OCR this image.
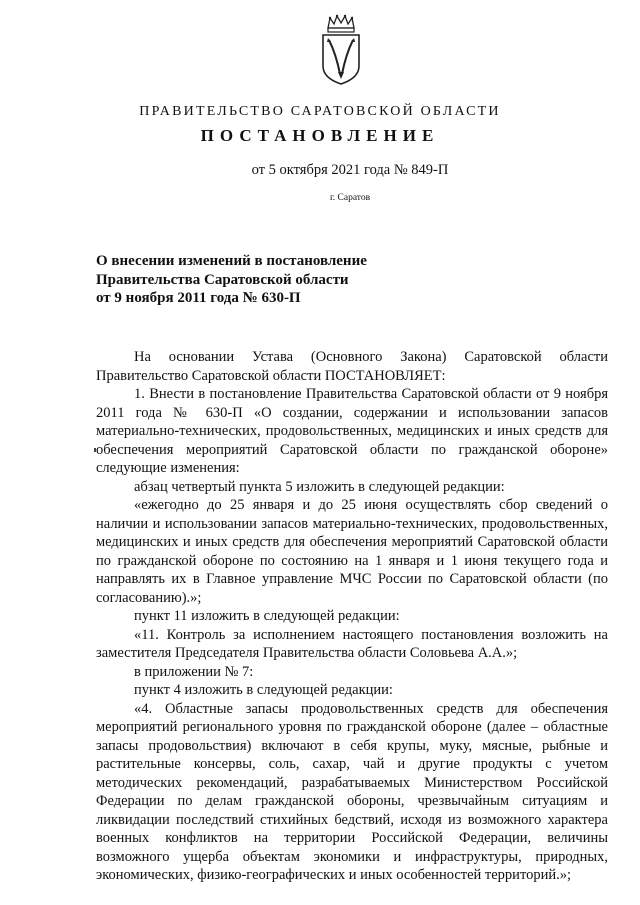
ПРАВИТЕЛЬСТВО САРАТОВСКОЙ ОБЛАСТИ
ПОСТАНОВЛЕНИЕ
от 5 октября 2021 года № 849-П
г. Саратов
О внесении изменений в постановление
Правительства Саратовской области
от 9 ноября 2011 года № 630-П

На основании Устава (Основного Закона) Саратовской области Правительство Саратовской области ПОСТАНОВЛЯЕТ:

1. Внести в постановление Правительства Саратовской области от 9 ноября 2011 года № 630-П «О создании, содержании и использовании запасов материально-технических, продовольственных, медицинских и иных средств для обеспечения мероприятий Саратовской области по гражданской обороне» следующие изменения:

абзац четвертый пункта 5 изложить в следующей редакции:

«ежегодно до 25 января и до 25 июня осуществлять сбор сведений о наличии и использовании запасов материально-технических, продовольственных, медицинских и иных средств для обеспечения мероприятий Саратовской области по гражданской обороне по состоянию на 1 января и 1 июня текущего года и направлять их в Главное управление МЧС России по Саратовской области (по согласованию).»;

пункт 11 изложить в следующей редакции:

«11. Контроль за исполнением настоящего постановления возложить на заместителя Председателя Правительства области Соловьева А.А.»;

в приложении № 7:

пункт 4 изложить в следующей редакции:

«4. Областные запасы продовольственных средств для обеспечения мероприятий регионального уровня по гражданской обороне (далее – областные запасы продовольствия) включают в себя крупы, муку, мясные, рыбные и растительные консервы, соль, сахар, чай и другие продукты с учетом методических рекомендаций, разрабатываемых Министерством Российской Федерации по делам гражданской обороны, чрезвычайным ситуациям и ликвидации последствий стихийных бедствий, исходя из возможного характера военных конфликтов на территории Российской Федерации, величины возможного ущерба объектам экономики и инфраструктуры, природных, экономических, физико-географических и иных особенностей территорий.»;
